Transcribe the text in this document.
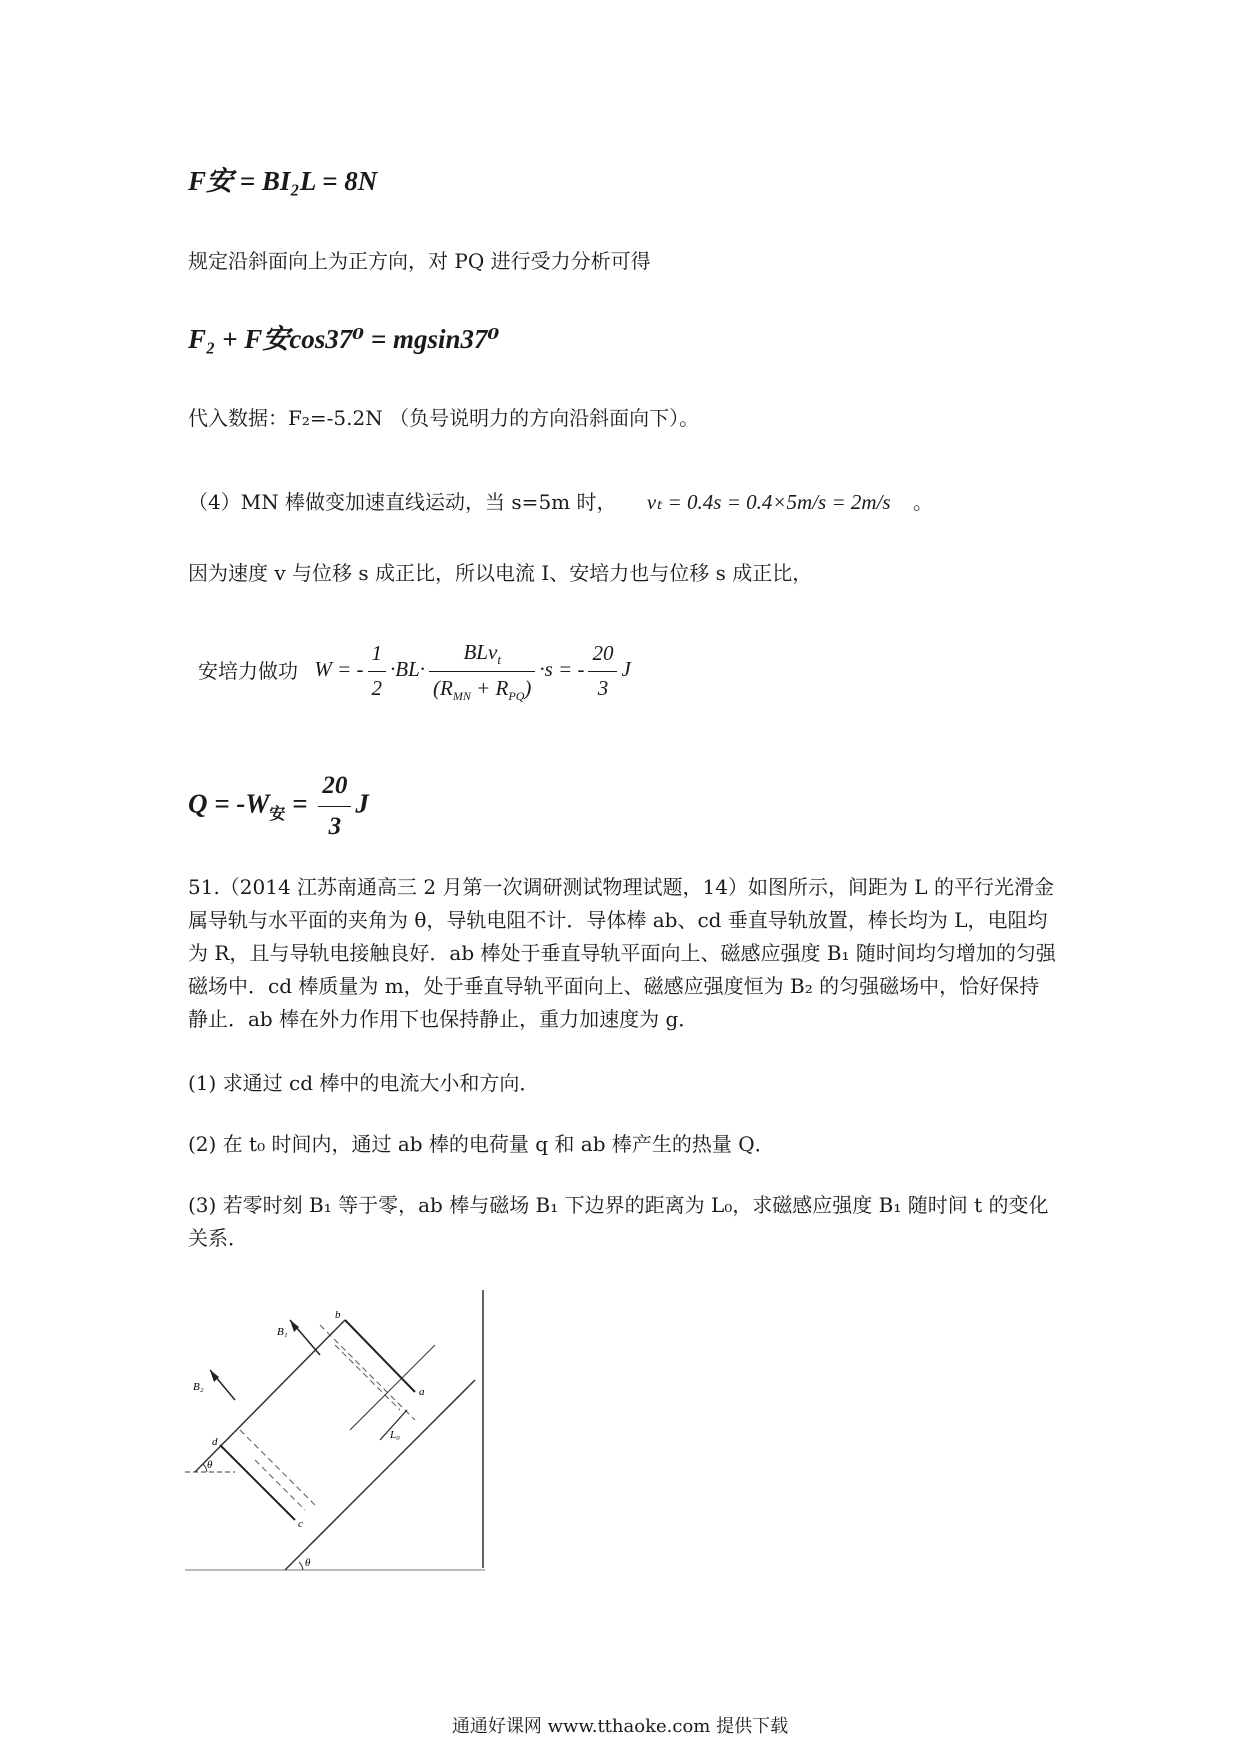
F安 = BI₂L = 8N
规定沿斜面向上为正方向，对 PQ 进行受力分析可得
F₂ + F安cos37⁰ = mgsin37⁰
代入数据：F₂=-5.2N （负号说明力的方向沿斜面向下）。
（4）MN 棒做变加速直线运动，当 s=5m 时， vₜ = 0.4s = 0.4×5m/s = 2m/s 。
因为速度 v 与位移 s 成正比，所以电流 I、安培力也与位移 s 成正比，
安培力做功 W = - $\frac{1}{2} \cdot BL\cdot \frac{BLv_t}{(R_{MN} + R_{PQ})} \cdot s$ = - $\frac{20}{3}$ J
$Q = -W_安 = \frac{20}{3}$ J
51.（2014 江苏南通高三 2 月第一次调研测试物理试题，14）如图所示，间距为 L 的平行光滑金属导轨与水平面的夹角为 θ，导轨电阻不计．导体棒 ab、cd 垂直导轨放置，棒长均为 L，电阻均为 R，且与导轨电接触良好．ab 棒处于垂直导轨平面向上、磁感应强度 B₁ 随时间均匀增加的匀强磁场中．cd 棒质量为 m，处于垂直导轨平面向上、磁感应强度恒为 B₂ 的匀强磁场中，恰好保持静止．ab 棒在外力作用下也保持静止，重力加速度为 g．
(1) 求通过 cd 棒中的电流大小和方向．
(2) 在 t₀ 时间内，通过 ab 棒的电荷量 q 和 ab 棒产生的热量 Q．
(3) 若零时刻 B₁ 等于零，ab 棒与磁场 B₁ 下边界的距离为 L₀，求磁感应强度 B₁ 随时间 t 的变化关系．
b
a
d
c
B₁
B₂
L₀
θ
θ
通通好课网 www.tthaoke.com 提供下载
